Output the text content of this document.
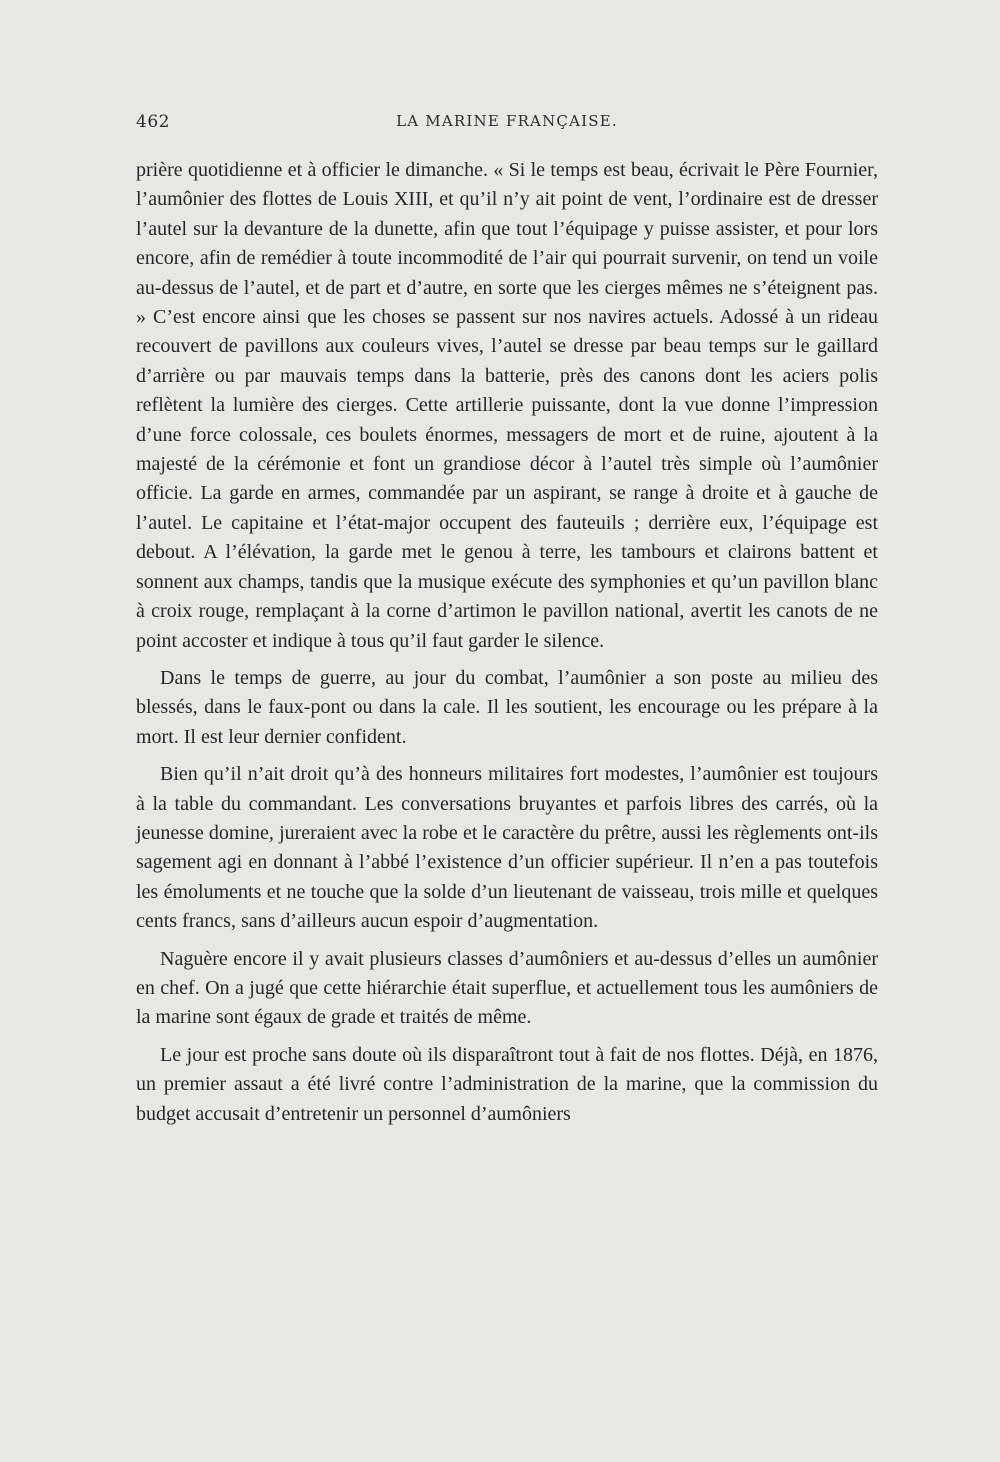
462	LA MARINE FRANÇAISE.

prière quotidienne et à officier le dimanche. « Si le temps est beau, écrivait le Père Fournier, l’aumônier des flottes de Louis XIII, et qu’il n’y ait point de vent, l’ordinaire est de dresser l’autel sur la devanture de la dunette, afin que tout l’équipage y puisse assister, et pour lors encore, afin de remédier à toute incommodité de l’air qui pourrait survenir, on tend un voile au-dessus de l’autel, et de part et d’autre, en sorte que les cierges mêmes ne s’éteignent pas. » C’est encore ainsi que les choses se passent sur nos navires actuels. Adossé à un rideau recouvert de pavillons aux couleurs vives, l’autel se dresse par beau temps sur le gaillard d’arrière ou par mauvais temps dans la batterie, près des canons dont les aciers polis reflètent la lumière des cierges. Cette artillerie puissante, dont la vue donne l’impression d’une force colossale, ces boulets énormes, messagers de mort et de ruine, ajoutent à la majesté de la cérémonie et font un grandiose décor à l’autel très simple où l’aumônier officie. La garde en armes, commandée par un aspirant, se range à droite et à gauche de l’autel. Le capitaine et l’état-major occupent des fauteuils ; derrière eux, l’équipage est debout. A l’élévation, la garde met le genou à terre, les tambours et clairons battent et sonnent aux champs, tandis que la musique exécute des symphonies et qu’un pavillon blanc à croix rouge, remplaçant à la corne d’artimon le pavillon national, avertit les canots de ne point accoster et indique à tous qu’il faut garder le silence.

Dans le temps de guerre, au jour du combat, l’aumônier a son poste au milieu des blessés, dans le faux-pont ou dans la cale. Il les soutient, les encourage ou les prépare à la mort. Il est leur dernier confident.

Bien qu’il n’ait droit qu’à des honneurs militaires fort modestes, l’aumônier est toujours à la table du commandant. Les conversations bruyantes et parfois libres des carrés, où la jeunesse domine, jureraient avec la robe et le caractère du prêtre, aussi les règlements ont-ils sagement agi en donnant à l’abbé l’existence d’un officier supérieur. Il n’en a pas toutefois les émoluments et ne touche que la solde d’un lieutenant de vaisseau, trois mille et quelques cents francs, sans d’ailleurs aucun espoir d’augmentation.

Naguère encore il y avait plusieurs classes d’aumôniers et au-dessus d’elles un aumônier en chef. On a jugé que cette hiérarchie était superflue, et actuellement tous les aumôniers de la marine sont égaux de grade et traités de même.

Le jour est proche sans doute où ils disparaîtront tout à fait de nos flottes. Déjà, en 1876, un premier assaut a été livré contre l’administration de la marine, que la commission du budget accusait d’entretenir un personnel d’aumôniers
